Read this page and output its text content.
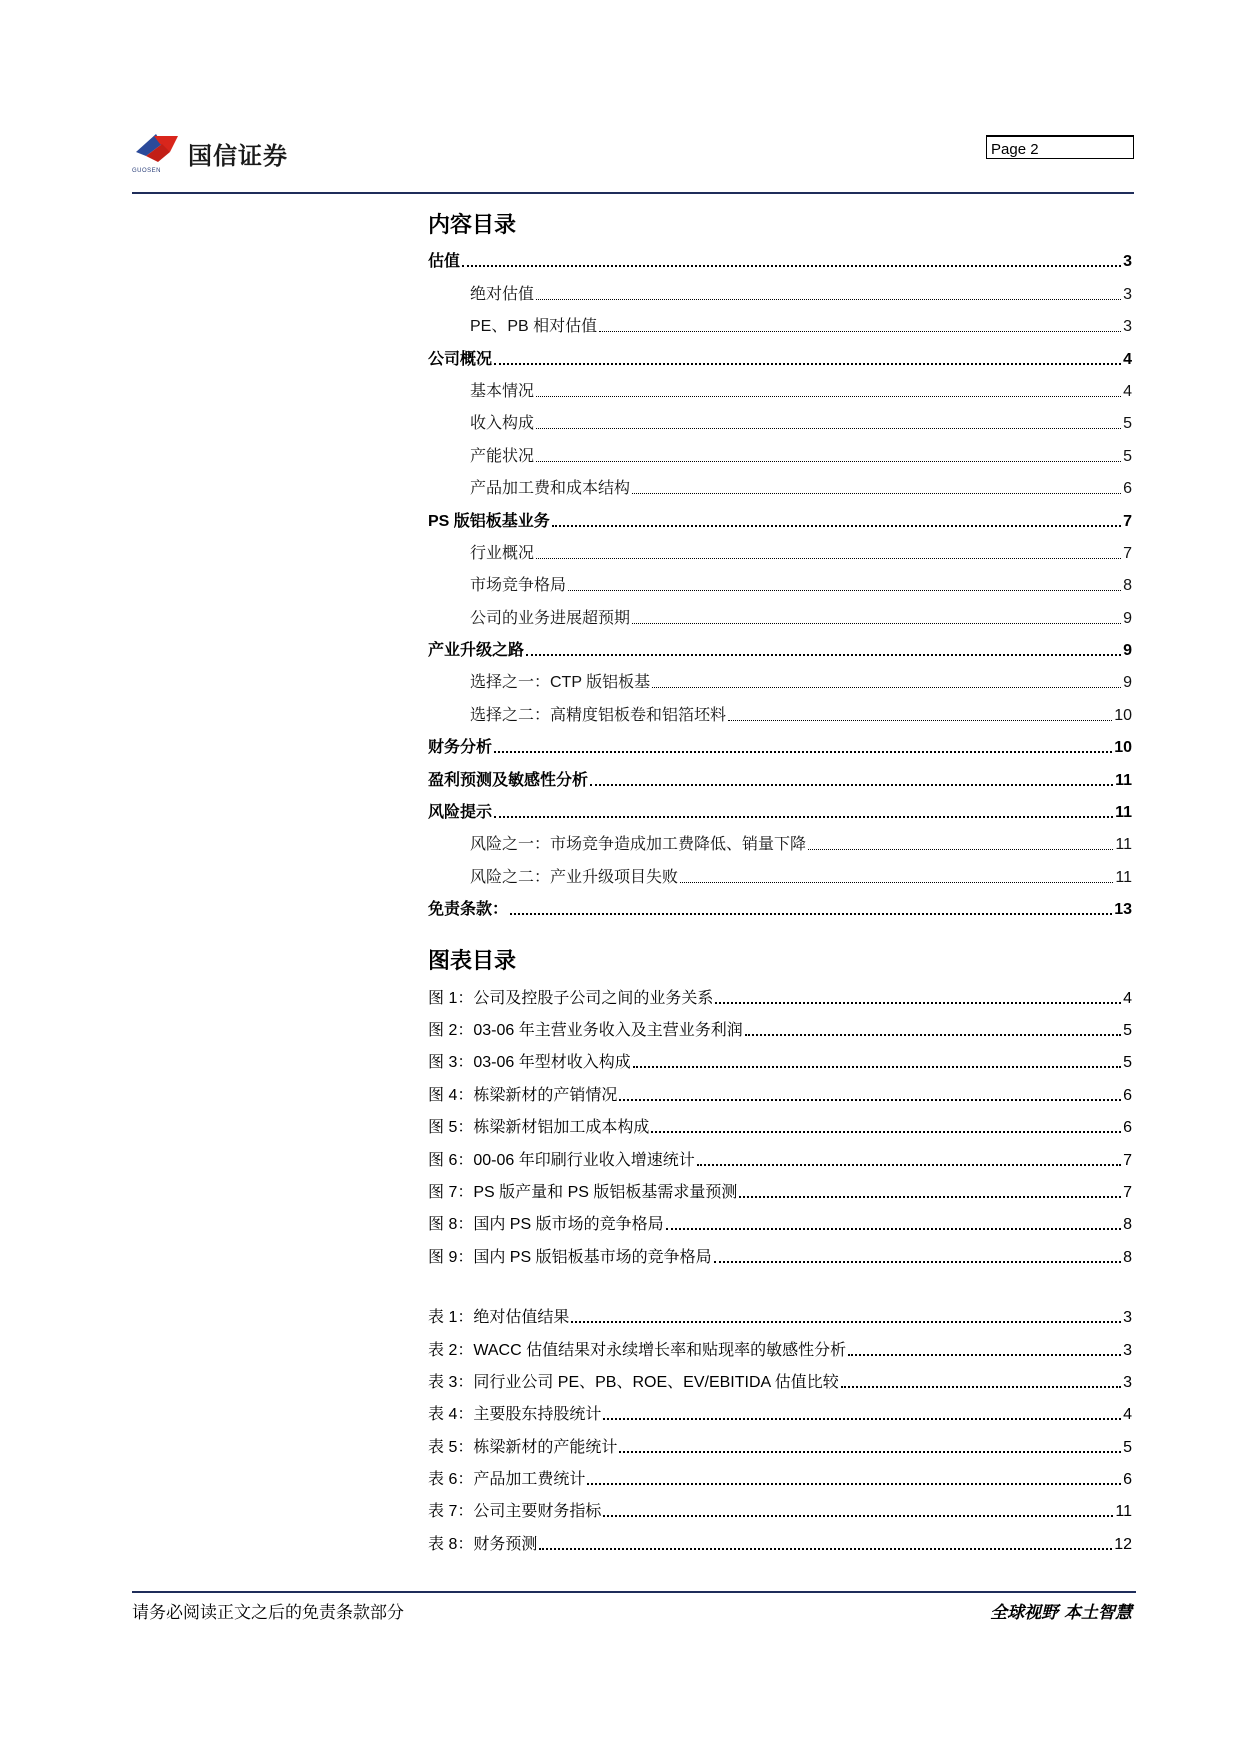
国信证券
GUOSEN
Page 2
内容目录
估值	3
绝对估值	3
PE、PB 相对估值	3
公司概况	4
基本情况	4
收入构成	5
产能状况	5
产品加工费和成本结构	6
PS 版铝板基业务	7
行业概况	7
市场竞争格局	8
公司的业务进展超预期	9
产业升级之路	9
选择之一：CTP 版铝板基	9
选择之二：高精度铝板卷和铝箔坯料	10
财务分析	10
盈利预测及敏感性分析	11
风险提示	11
风险之一：市场竞争造成加工费降低、销量下降	11
风险之二：产业升级项目失败	11
免责条款：	13
图表目录
图 1：公司及控股子公司之间的业务关系	4
图 2：03-06 年主营业务收入及主营业务利润	5
图 3：03-06 年型材收入构成	5
图 4：栋梁新材的产销情况	6
图 5：栋梁新材铝加工成本构成	6
图 6：00-06 年印刷行业收入增速统计	7
图 7：PS 版产量和 PS 版铝板基需求量预测	7
图 8：国内 PS 版市场的竞争格局	8
图 9：国内 PS 版铝板基市场的竞争格局	8
表 1：绝对估值结果	3
表 2：WACC 估值结果对永续增长率和贴现率的敏感性分析	3
表 3：同行业公司 PE、PB、ROE、EV/EBITIDA 估值比较	3
表 4：主要股东持股统计	4
表 5：栋梁新材的产能统计	5
表 6：产品加工费统计	6
表 7：公司主要财务指标	11
表 8：财务预测	12
请务必阅读正文之后的免责条款部分	全球视野 本土智慧
